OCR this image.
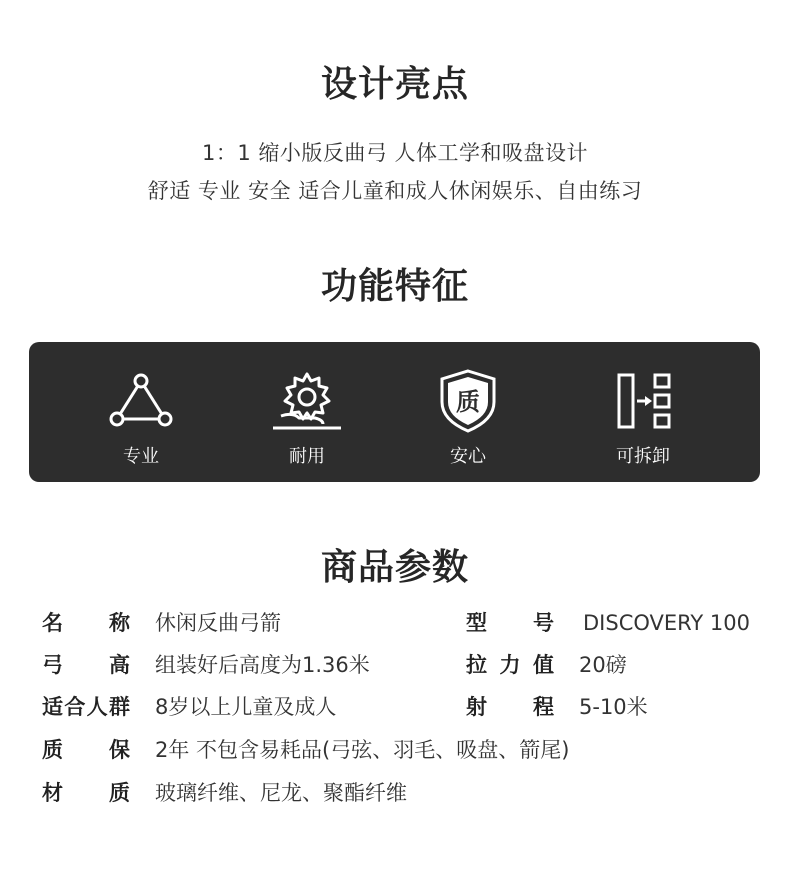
设计亮点
1：1 缩小版反曲弓 人体工学和吸盘设计
舒适 专业 安全 适合儿童和成人休闲娱乐、自由练习
功能特征
专业	耐用
质
安心	可拆卸
商品参数
名称 休闲反曲弓箭
弓高 组装好后高度为1.36米
适合人群 8岁以上儿童及成人
质保 2年 不包含易耗品(弓弦、羽毛、吸盘、箭尾)
材质 玻璃纤维、尼龙、聚酯纤维
型号 DISCOVERY 100
拉力值 20磅
射程 5-10米
